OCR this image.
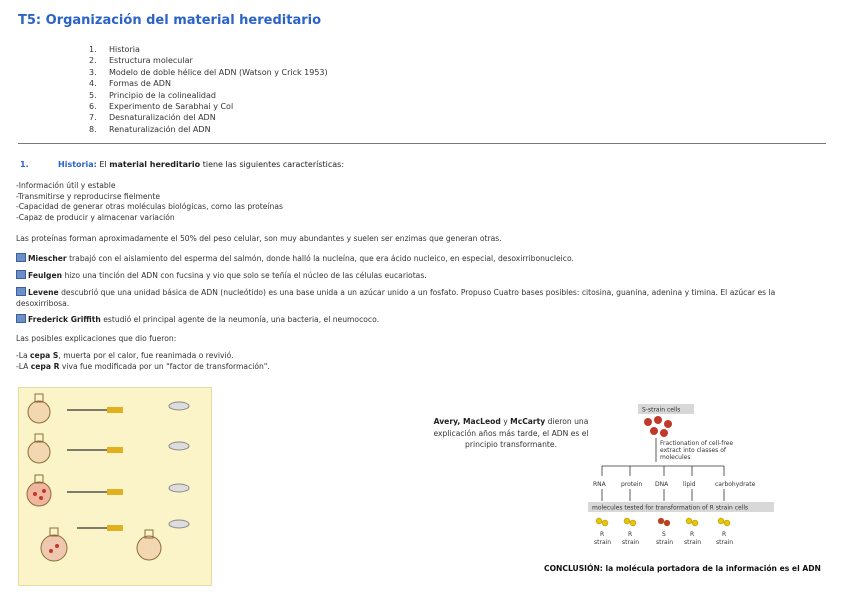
T5: Organización del material hereditario
1.	Historia
2.	Estructura molecular
3.	Modelo de doble hélice del ADN (Watson y Crick 1953)
4.	Formas de ADN
5.	Principio de la colinealidad
6.	Experimento de Sarabhai y Col
7.	Desnaturalización del ADN
8.	Renaturalización del ADN
1.	Historia: El material hereditario tiene las siguientes características:
-Información útil y estable
-Transmitirse y reproducirse fielmente
-Capacidad de generar otras moléculas biológicas, como las proteínas
-Capaz de producir y almacenar variación
Las proteínas forman aproximadamente el 50% del peso celular, son muy abundantes y suelen ser enzimas que generan otras.
Miescher trabajó con el aislamiento del esperma del salmón, donde halló la nucleína, que era ácido nucleico, en especial, desoxirribonucleico.
Feulgen hizo una tinción del ADN con fucsina y vio que solo se teñía el núcleo de las células eucariotas.
Levene descubrió que una unidad básica de ADN (nucleótido) es una base unida a un azúcar unido a un fosfato. Propuso Cuatro bases posibles: citosina, guanina, adenina y timina. El azúcar es la desoxirribosa.
Frederick Griffith estudió el principal agente de la neumonía, una bacteria, el neumococo.
Las posibles explicaciones que dio fueron:
-La cepa S, muerta por el calor, fue reanimada o revivió.
-LA cepa R viva fue modificada por un "factor de transformación".

Avery, MacLeod y McCarty dieron una explicación años más tarde, el ADN es el principio transformante.
S-strain cells
Fractionation of cell-free extract into classes of molecules
RNA	protein DNA lipid	carbohydrate
molecules tested for transformation of R strain cells
R
strain
R
strain
S
strain
R
strain
R
strain
CONCLUSIÓN: la molécula portadora de la información es el ADN
